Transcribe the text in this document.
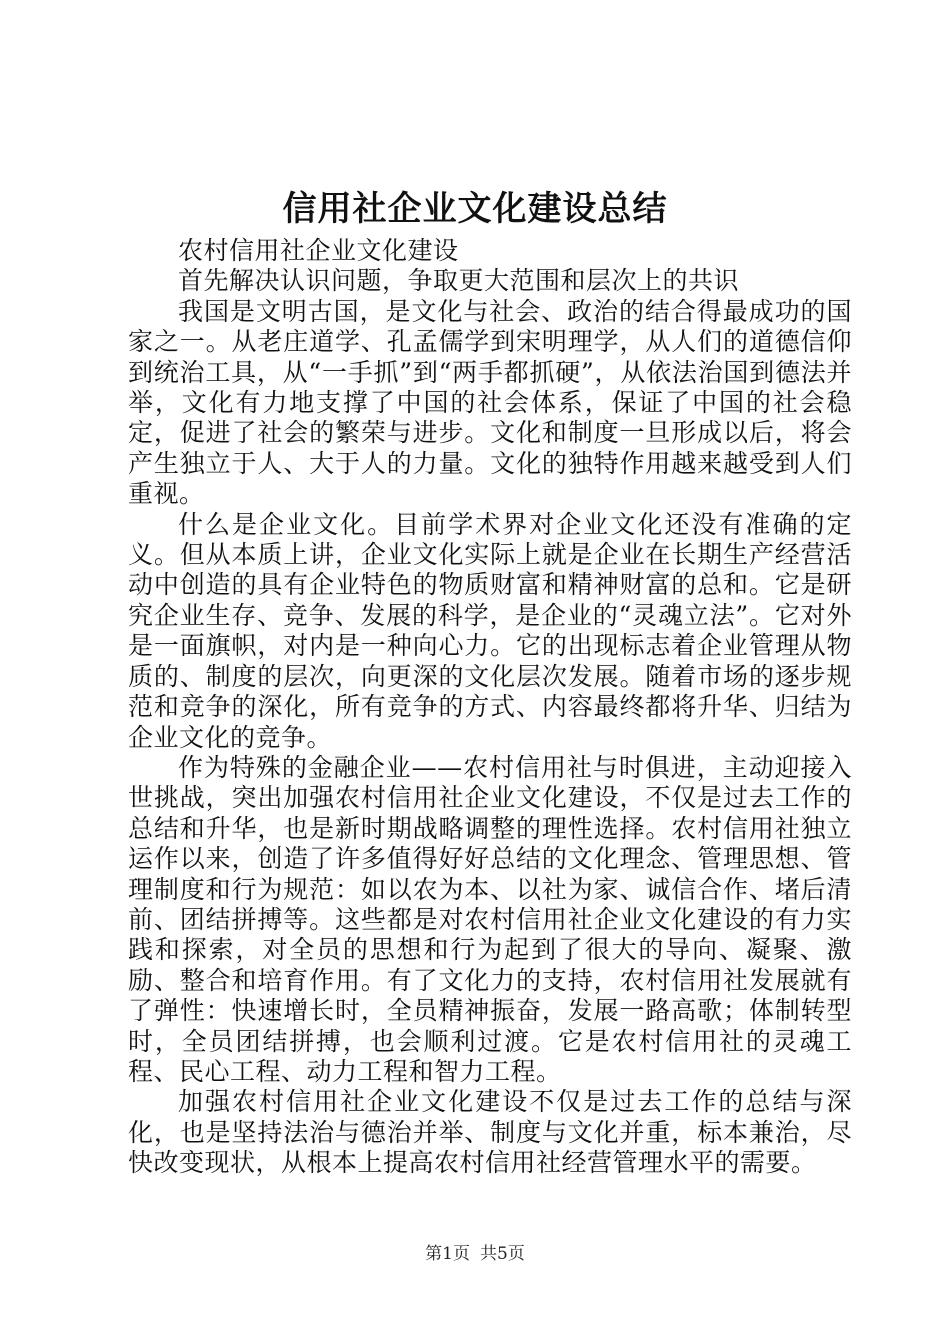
信用社企业文化建设总结

农村信用社企业文化建设

首先解决认识问题，争取更大范围和层次上的共识

我国是文明古国，是文化与社会、政治的结合得最成功的国家之一。从老庄道学、孔孟儒学到宋明理学，从人们的道德信仰到统治工具，从“一手抓”到“两手都抓硬”，从依法治国到德法并举，文化有力地支撑了中国的社会体系，保证了中国的社会稳定，促进了社会的繁荣与进步。文化和制度一旦形成以后，将会产生独立于人、大于人的力量。文化的独特作用越来越受到人们重视。

什么是企业文化。目前学术界对企业文化还没有准确的定义。但从本质上讲，企业文化实际上就是企业在长期生产经营活动中创造的具有企业特色的物质财富和精神财富的总和。它是研究企业生存、竞争、发展的科学，是企业的“灵魂立法”。它对外是一面旗帜，对内是一种向心力。它的出现标志着企业管理从物质的、制度的层次，向更深的文化层次发展。随着市场的逐步规范和竞争的深化，所有竞争的方式、内容最终都将升华、归结为企业文化的竞争。

作为特殊的金融企业——农村信用社与时俱进，主动迎接入世挑战，突出加强农村信用社企业文化建设，不仅是过去工作的总结和升华，也是新时期战略调整的理性选择。农村信用社独立运作以来，创造了许多值得好好总结的文化理念、管理思想、管理制度和行为规范：如以农为本、以社为家、诚信合作、堵后清前、团结拼搏等。这些都是对农村信用社企业文化建设的有力实践和探索，对全员的思想和行为起到了很大的导向、凝聚、激励、整合和培育作用。有了文化力的支持，农村信用社发展就有了弹性：快速增长时，全员精神振奋，发展一路高歌；体制转型时，全员团结拼搏，也会顺利过渡。它是农村信用社的灵魂工程、民心工程、动力工程和智力工程。

加强农村信用社企业文化建设不仅是过去工作的总结与深化，也是坚持法治与德治并举、制度与文化并重，标本兼治，尽快改变现状，从根本上提高农村信用社经营管理水平的需要。

第1页 共5页
